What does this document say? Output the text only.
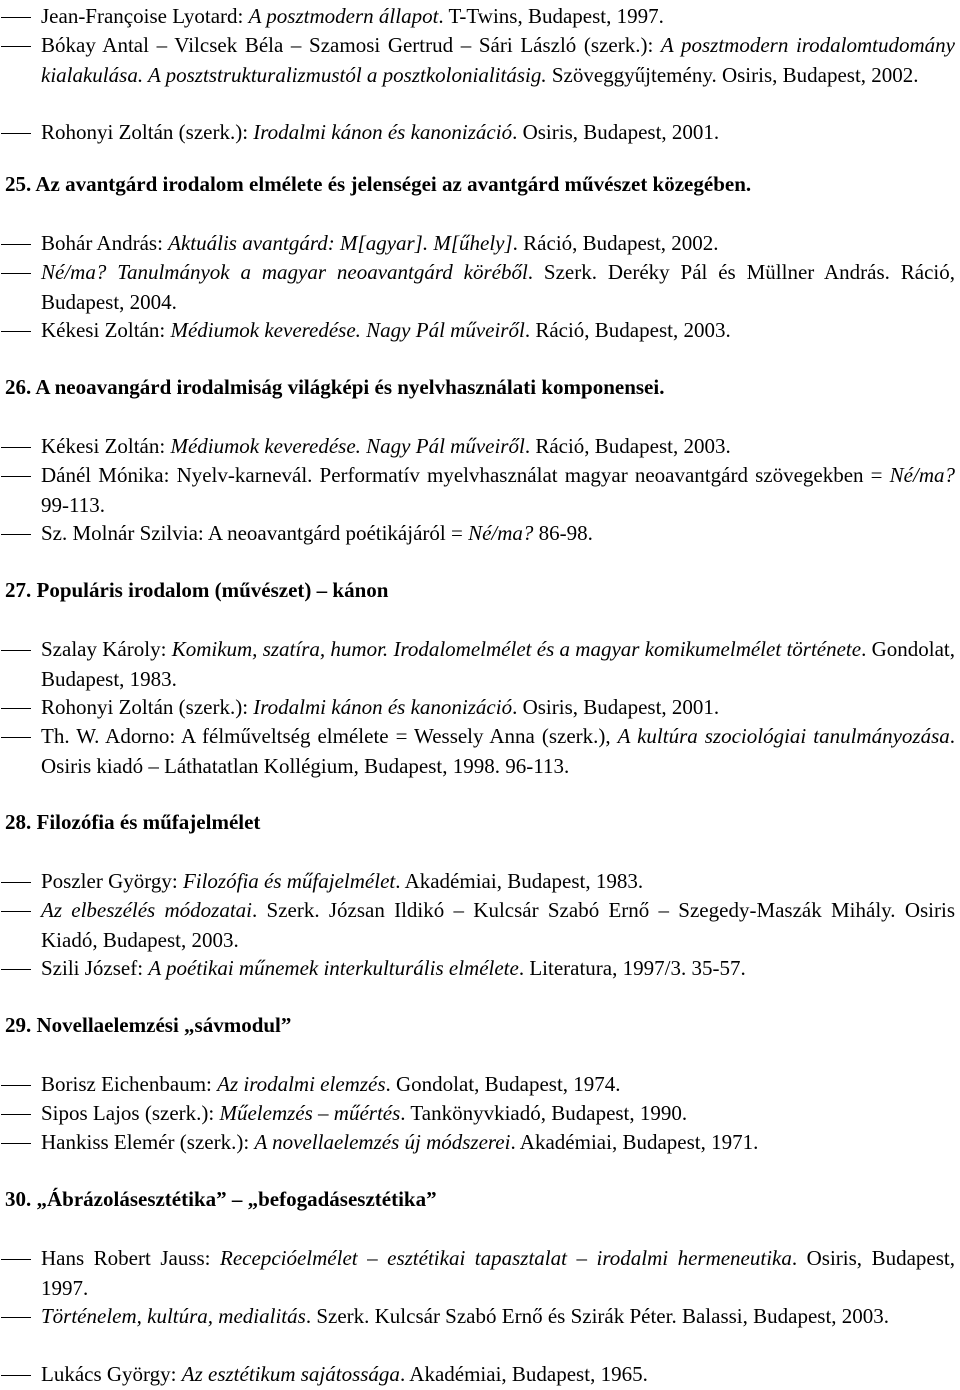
Jean-Françoise Lyotard: A posztmodern állapot. T-Twins, Budapest, 1997.

Bókay Antal – Vilcsek Béla – Szamosi Gertrud – Sári László (szerk.): A posztmodern irodalomtudomány kialakulása. A posztstrukturalizmustól a posztkolonialitásig. Szöveggyűjtemény. Osiris, Budapest, 2002.

Rohonyi Zoltán (szerk.): Irodalmi kánon és kanonizáció. Osiris, Budapest, 2001.
25. Az avantgárd irodalom elmélete és jelenségei az avantgárd művészet közegében.

Bohár András: Aktuális avantgárd: M[agyar]. M[űhely]. Ráció, Budapest, 2002.

Né/ma? Tanulmányok a magyar neoavantgárd köréből. Szerk. Deréky Pál és Müllner András. Ráció, Budapest, 2004.

Kékesi Zoltán: Médiumok keveredése. Nagy Pál műveiről. Ráció, Budapest, 2003.
26. A neoavangárd irodalmiság világképi és nyelvhasználati komponensei.

Kékesi Zoltán: Médiumok keveredése. Nagy Pál műveiről. Ráció, Budapest, 2003.

Dánél Mónika: Nyelv-karnevál. Performatív myelvhasználat magyar neoavantgárd szövegekben = Né/ma? 99-113.

Sz. Molnár Szilvia: A neoavantgárd poétikájáról = Né/ma? 86-98.
27. Populáris irodalom (művészet) – kánon

Szalay Károly: Komikum, szatíra, humor. Irodalomelmélet és a magyar komikumelmélet története. Gondolat, Budapest, 1983.

Rohonyi Zoltán (szerk.): Irodalmi kánon és kanonizáció. Osiris, Budapest, 2001.

Th. W. Adorno: A félműveltség elmélete = Wessely Anna (szerk.), A kultúra szociológiai tanulmányozása. Osiris kiadó – Láthatatlan Kollégium, Budapest, 1998. 96-113.
28. Filozófia és műfajelmélet

Poszler György: Filozófia és műfajelmélet. Akadémiai, Budapest, 1983.

Az elbeszélés módozatai. Szerk. Józsan Ildikó – Kulcsár Szabó Ernő – Szegedy-Maszák Mihály. Osiris Kiadó, Budapest, 2003.

Szili József: A poétikai műnemek interkulturális elmélete. Literatura, 1997/3. 35-57.
29. Novellaelemzési „sávmodul”

Borisz Eichenbaum: Az irodalmi elemzés. Gondolat, Budapest, 1974.

Sipos Lajos (szerk.): Műelemzés – műértés. Tankönyvkiadó, Budapest, 1990.

Hankiss Elemér (szerk.): A novellaelemzés új módszerei. Akadémiai, Budapest, 1971.
30. „Ábrázolásesztétika” – „befogadásesztétika”

Hans Robert Jauss: Recepcióelmélet – esztétikai tapasztalat – irodalmi hermeneutika. Osiris, Budapest, 1997.

Történelem, kultúra, medialitás. Szerk. Kulcsár Szabó Ernő és Szirák Péter. Balassi, Budapest, 2003.

Lukács György: Az esztétikum sajátossága. Akadémiai, Budapest, 1965.
